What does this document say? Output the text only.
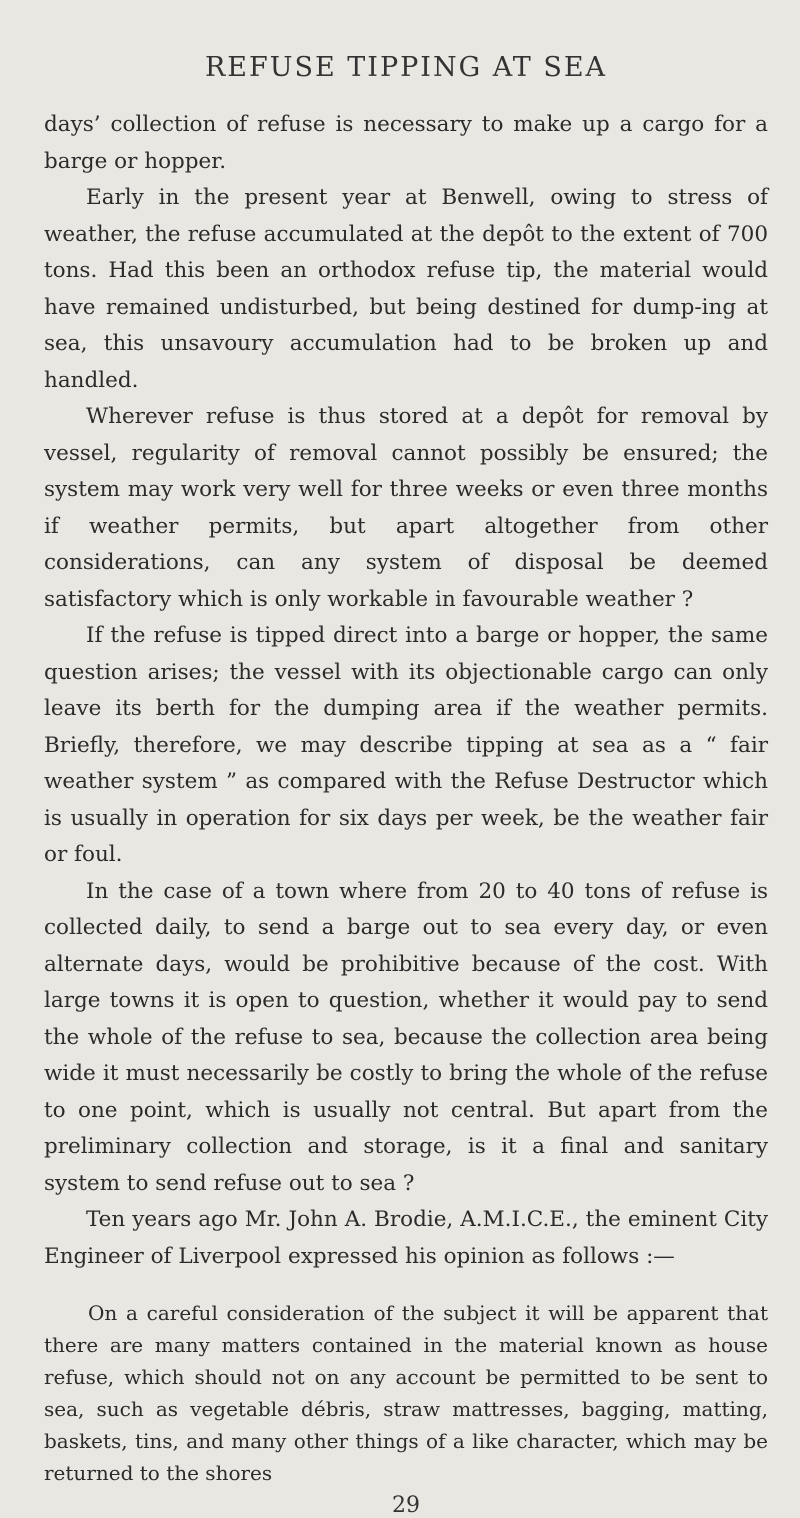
REFUSE TIPPING AT SEA

days’ collection of refuse is necessary to make up a cargo for a barge or hopper.

Early in the present year at Benwell, owing to stress of weather, the refuse accumulated at the depôt to the extent of 700 tons. Had this been an orthodox refuse tip, the material would have remained undisturbed, but being destined for dump-ing at sea, this unsavoury accumulation had to be broken up and handled.

Wherever refuse is thus stored at a depôt for removal by vessel, regularity of removal cannot possibly be ensured; the system may work very well for three weeks or even three months if weather permits, but apart altogether from other considerations, can any system of disposal be deemed satisfactory which is only workable in favourable weather ?

If the refuse is tipped direct into a barge or hopper, the same question arises; the vessel with its objectionable cargo can only leave its berth for the dumping area if the weather permits. Briefly, therefore, we may describe tipping at sea as a “ fair weather system ” as compared with the Refuse Destructor which is usually in operation for six days per week, be the weather fair or foul.

In the case of a town where from 20 to 40 tons of refuse is collected daily, to send a barge out to sea every day, or even alternate days, would be prohibitive because of the cost. With large towns it is open to question, whether it would pay to send the whole of the refuse to sea, because the collection area being wide it must necessarily be costly to bring the whole of the refuse to one point, which is usually not central. But apart from the preliminary collection and storage, is it a final and sanitary system to send refuse out to sea ?

Ten years ago Mr. John A. Brodie, A.M.I.C.E., the eminent City Engineer of Liverpool expressed his opinion as follows :—

On a careful consideration of the subject it will be apparent that there are many matters contained in the material known as house refuse, which should not on any account be permitted to be sent to sea, such as vegetable débris, straw mattresses, bagging, matting, baskets, tins, and many other things of a like character, which may be returned to the shores

29
